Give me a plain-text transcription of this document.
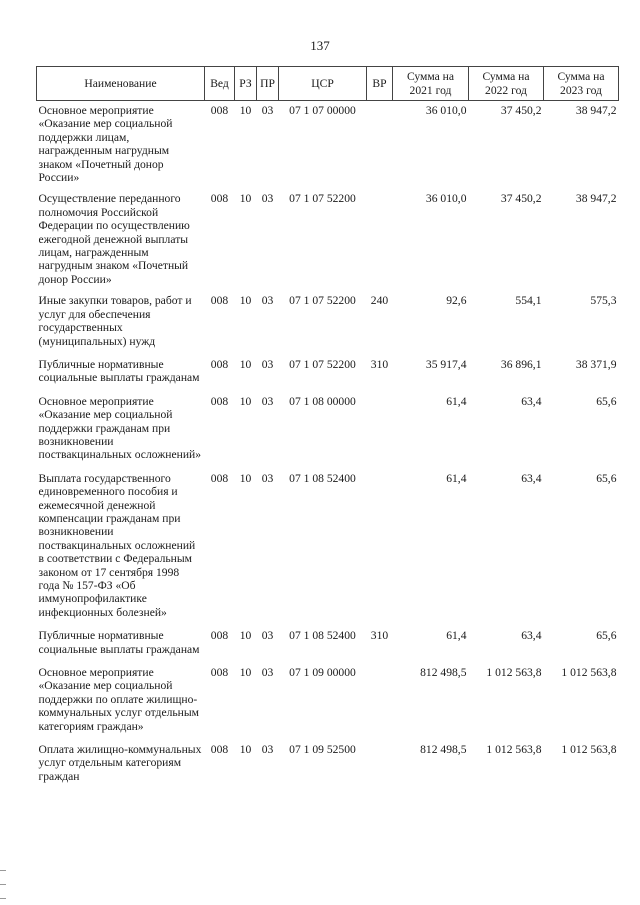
137
Наименование	Вед	РЗ	ПР	ЦСР	ВР	Сумма на 2021 год	Сумма на 2022 год	Сумма на 2023 год
Основное мероприятие «Оказание мер социальной поддержки лицам, награжденным нагрудным знаком «Почетный донор России»	008	10	03	07 1 07 00000		36 010,0	37 450,2	38 947,2
Осуществление переданного полномочия Российской Федерации по осуществлению ежегодной денежной выплаты лицам, награжденным нагрудным знаком «Почетный донор России»	008	10	03	07 1 07 52200		36 010,0	37 450,2	38 947,2
Иные закупки товаров, работ и услуг для обеспечения государственных (муниципальных) нужд	008	10	03	07 1 07 52200	240	92,6	554,1	575,3
Публичные нормативные социальные выплаты гражданам	008	10	03	07 1 07 52200	310	35 917,4	36 896,1	38 371,9
Основное мероприятие «Оказание мер социальной поддержки гражданам при возникновении поствакцинальных осложнений»	008	10	03	07 1 08 00000		61,4	63,4	65,6
Выплата государственного единовременного пособия и ежемесячной денежной компенсации гражданам при возникновении поствакцинальных осложнений в соответствии с Федеральным законом от 17 сентября 1998 года № 157-ФЗ «Об иммунопрофилактике инфекционных болезней»	008	10	03	07 1 08 52400		61,4	63,4	65,6
Публичные нормативные социальные выплаты гражданам	008	10	03	07 1 08 52400	310	61,4	63,4	65,6
Основное мероприятие «Оказание мер социальной поддержки по оплате жилищно-коммунальных услуг отдельным категориям граждан»	008	10	03	07 1 09 00000		812 498,5	1 012 563,8	1 012 563,8
Оплата жилищно-коммунальных услуг отдельным категориям граждан	008	10	03	07 1 09 52500		812 498,5	1 012 563,8	1 012 563,8
